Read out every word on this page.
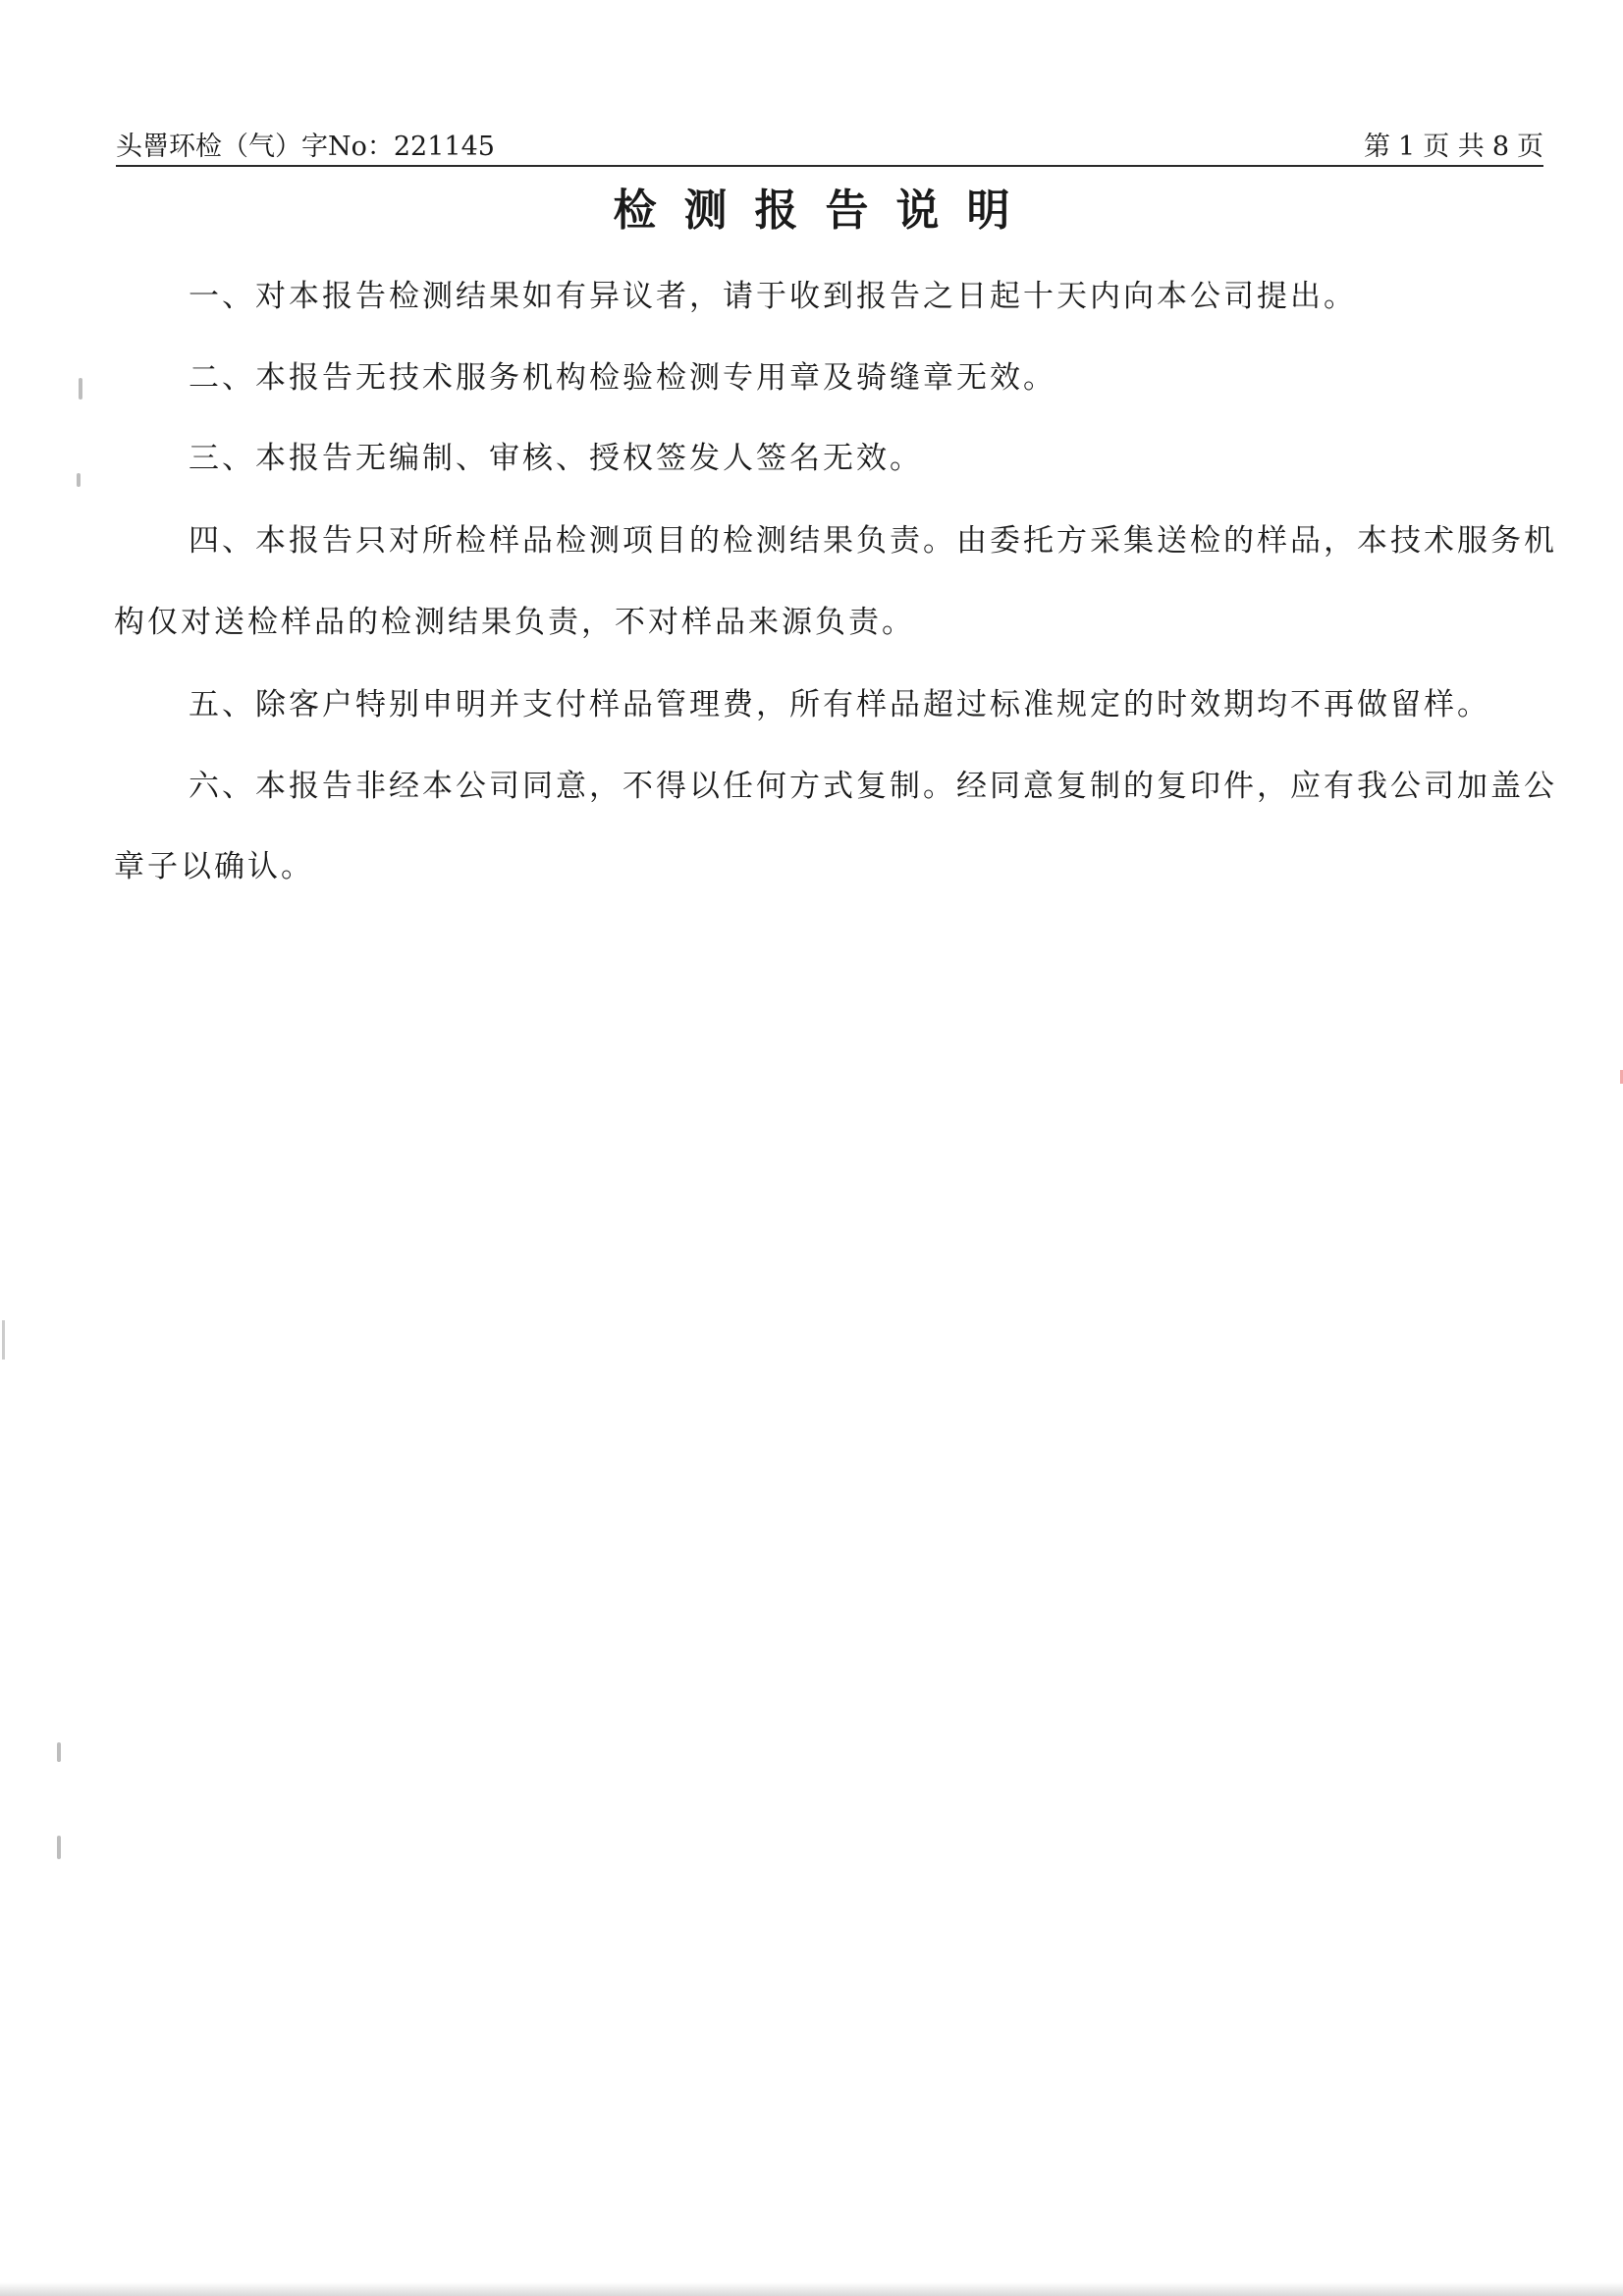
头罾环检（气）字No：221145	第 1 页 共 8 页
检测报告说明
一、对本报告检测结果如有异议者，请于收到报告之日起十天内向本公司提出。
二、本报告无技术服务机构检验检测专用章及骑缝章无效。
三、本报告无编制、审核、授权签发人签名无效。
四、本报告只对所检样品检测项目的检测结果负责。由委托方采集送检的样品，本技术服务机
构仅对送检样品的检测结果负责，不对样品来源负责。
五、除客户特别申明并支付样品管理费，所有样品超过标准规定的时效期均不再做留样。
六、本报告非经本公司同意，不得以任何方式复制。经同意复制的复印件，应有我公司加盖公
章子以确认。
